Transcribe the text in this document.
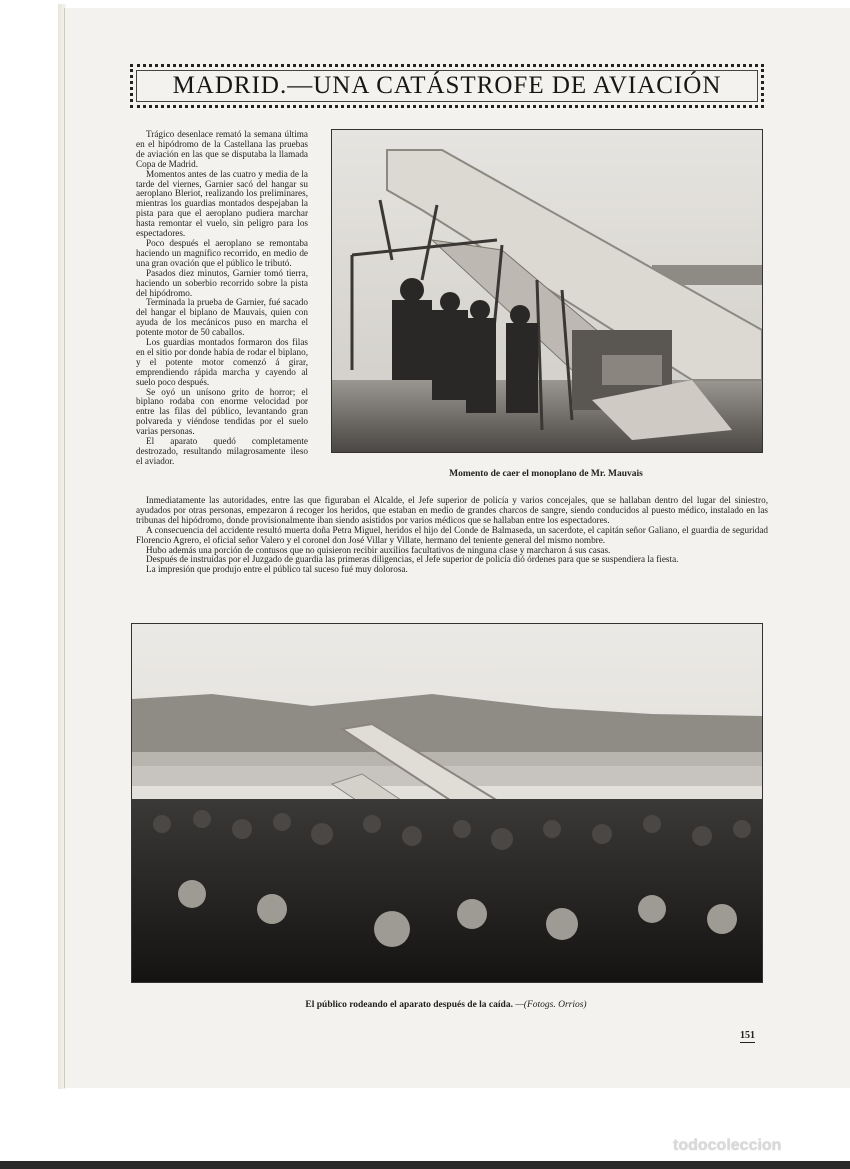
MADRID.—UNA CATÁSTROFE DE AVIACIÓN

Trágico desenlace remató la semana última en el hipódromo de la Castellana las pruebas de aviación en las que se disputaba la llamada Copa de Madrid.

Momentos antes de las cuatro y media de la tarde del viernes, Garnier sacó del hangar su aeroplano Bleriot, realizando los preliminares, mientras los guardias montados despejaban la pista para que el aeroplano pudiera marchar hasta remontar el vuelo, sin peligro para los espectadores.

Poco después el aeroplano se remontaba haciendo un magnífico recorrido, en medio de una gran ovación que el público le tributó.

Pasados diez minutos, Garnier tomó tierra, haciendo un soberbio recorrido sobre la pista del hipódromo.

Terminada la prueba de Garnier, fué sacado del hangar el biplano de Mauvais, quien con ayuda de los mecánicos puso en marcha el potente motor de 50 caballos.

Los guardias montados formaron dos filas en el sitio por donde había de rodar el biplano, y el potente motor comenzó á girar, emprendiendo rápida marcha y cayendo al suelo poco después.

Se oyó un unísono grito de horror; el biplano rodaba con enorme velocidad por entre las filas del público, levantando gran polvareda y viéndose tendidas por el suelo varias personas.

El aparato quedó completamente destrozado, resultando milagrosamente ileso el aviador.

Momento de caer el monoplano de Mr. Mauvais

Inmediatamente las autoridades, entre las que figuraban el Alcalde, el Jefe superior de policía y varios concejales, que se hallaban dentro del lugar del siniestro, ayudados por otras personas, empezaron á recoger los heridos, que estaban en medio de grandes charcos de sangre, siendo conducidos al puesto médico, instalado en las tribunas del hipódromo, donde provisionalmente iban siendo asistidos por varios médicos que se hallaban entre los espectadores.

A consecuencia del accidente resultó muerta doña Petra Miguel, heridos el hijo del Conde de Balmaseda, un sacerdote, el capitán señor Galiano, el guardia de seguridad Florencio Agrero, el oficial señor Valero y el coronel don José Villar y Villate, hermano del teniente general del mismo nombre.

Hubo además una porción de contusos que no quisieron recibir auxilios facultativos de ninguna clase y marcharon á sus casas.

Después de instruidas por el Juzgado de guardia las primeras diligencias, el Jefe superior de policía dió órdenes para que se suspendiera la fiesta.

La impresión que produjo entre el público tal suceso fué muy dolorosa.

El público rodeando el aparato después de la caída. —(Fotogs. Orrios)
151
todocoleccion
